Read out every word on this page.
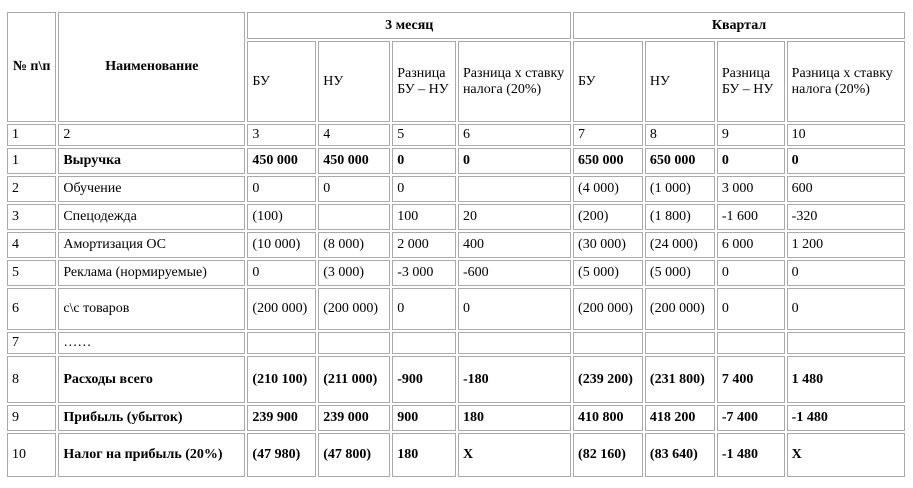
№ п\п	Наименование	3 месяц				Квартал			
		БУ	НУ	Разница БУ – НУ	Разница х ставку налога (20%)	БУ	НУ	Разница БУ – НУ	Разница х ставку налога (20%)
1	2	3	4	5	6	7	8	9	10
1	Выручка	450 000	450 000	0	0	650 000	650 000	0	0
2	Обучение	0	0	0		(4 000)	(1 000)	3 000	600
3	Спецодежда	(100)		100	20	(200)	(1 800)	-1 600	-320
4	Амортизация ОС	(10 000)	(8 000)	2 000	400	(30 000)	(24 000)	6 000	1 200
5	Реклама (нормируемые)	0	(3 000)	-3 000	-600	(5 000)	(5 000)	0	0
6	с\с товаров	(200 000)	(200 000)	0	0	(200 000)	(200 000)	0	0
7	……								
8	Расходы всего	(210 100)	(211 000)	-900	-180	(239 200)	(231 800)	7 400	1 480
9	Прибыль (убыток)	239 900	239 000	900	180	410 800	418 200	-7 400	-1 480
10	Налог на прибыль (20%)	(47 980)	(47 800)	180	X	(82 160)	(83 640)	-1 480	X
